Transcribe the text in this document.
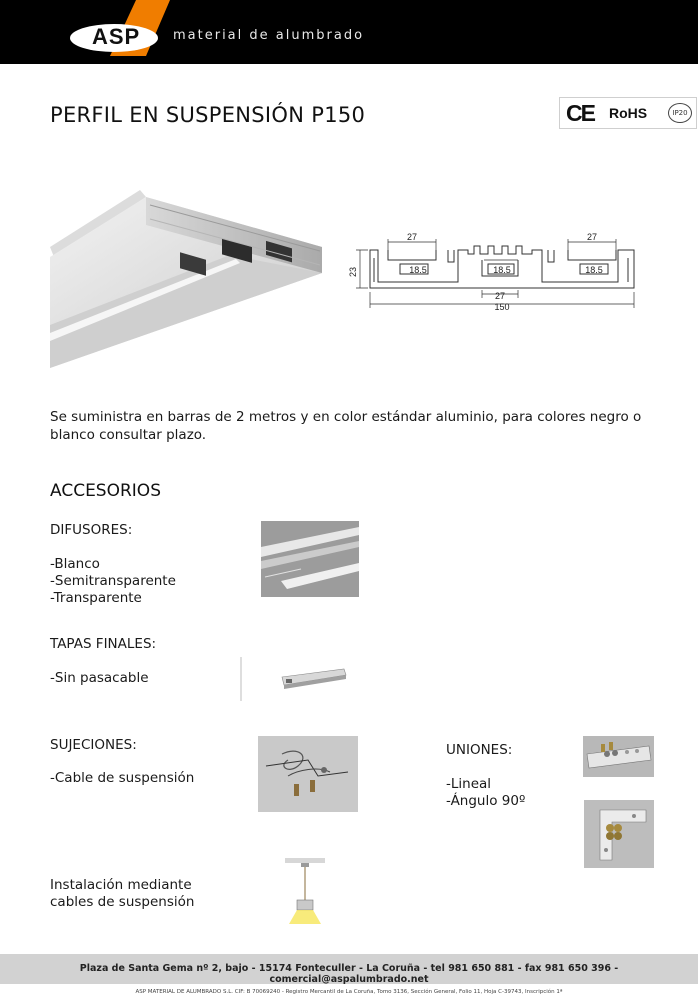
ASP	material de alumbrado
PERFIL EN SUSPENSIÓN P150	CE RoHS	IP20
27	27
18.5	18.5	18.5
27
150
23
Se suministra en barras de 2 metros y en color estándar aluminio, para colores negro o blanco consultar plazo.
ACCESORIOS
DIFUSORES:
-Blanco
-Semitransparente
-Transparente
TAPAS FINALES:
-Sin pasacable
SUJECIONES:
-Cable de suspensión
UNIONES:
-Lineal
-Ángulo 90º
Instalación mediante
cables de suspensión
Plaza de Santa Gema nº 2, bajo - 15174 Fonteculler - La Coruña - tel 981 650 881 - fax 981 650 396 - comercial@aspalumbrado.net
ASP MATERIAL DE ALUMBRADO S.L. CIF: B 70069240 - Registro Mercantil de La Coruña, Tomo 3136, Sección General, Folio 11, Hoja C-39743, Inscripción 1ª
